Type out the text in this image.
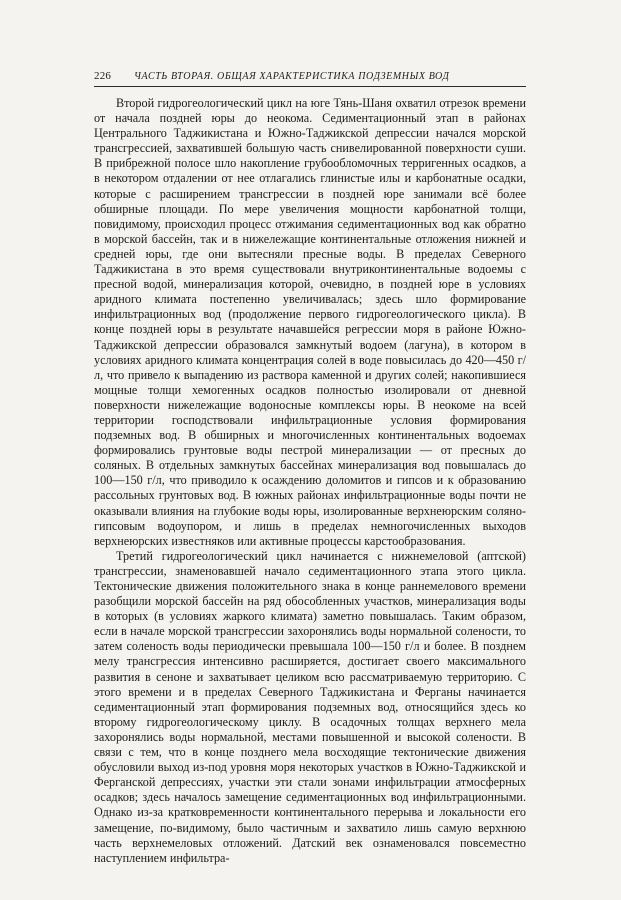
226	ЧАСТЬ ВТОРАЯ. ОБЩАЯ ХАРАКТЕРИСТИКА ПОДЗЕМНЫХ ВОД

Второй гидрогеологический цикл на юге Тянь-Шаня охватил отрезок времени от начала поздней юры до неокома. Седиментационный этап в районах Центрального Таджикистана и Южно-Таджикской депрессии начался морской трансгрессией, захватившей большую часть снивелированной поверхности суши. В прибрежной полосе шло накопление грубообломочных терригенных осадков, а в некотором отдалении от нее отлагались глинистые илы и карбонатные осадки, которые с расширением трансгрессии в поздней юре занимали всё более обширные площади. По мере увеличения мощности карбонатной толщи, повидимому, происходил процесс отжимания седиментационных вод как обратно в морской бассейн, так и в нижележащие континентальные отложения нижней и средней юры, где они вытесняли пресные воды. В пределах Северного Таджикистана в это время существовали внутриконтинентальные водоемы с пресной водой, минерализация которой, очевидно, в поздней юре в условиях аридного климата постепенно увеличивалась; здесь шло формирование инфильтрационных вод (продолжение первого гидрогеологического цикла). В конце поздней юры в результате начавшейся регрессии моря в районе Южно-Таджикской депрессии образовался замкнутый водоем (лагуна), в котором в условиях аридного климата концентрация солей в воде повысилась до 420—450 г/л, что привело к выпадению из раствора каменной и других солей; накопившиеся мощные толщи хемогенных осадков полностью изолировали от дневной поверхности нижележащие водоносные комплексы юры. В неокоме на всей территории господствовали инфильтрационные условия формирования подземных вод. В обширных и многочисленных континентальных водоемах формировались грунтовые воды пестрой минерализации — от пресных до соляных. В отдельных замкнутых бассейнах минерализация вод повышалась до 100—150 г/л, что приводило к осаждению доломитов и гипсов и к образованию рассольных грунтовых вод. В южных районах инфильтрационные воды почти не оказывали влияния на глубокие воды юры, изолированные верхнеюрским соляно-гипсовым водоупором, и лишь в пределах немногочисленных выходов верхнеюрских известняков или активные процессы карстообразования.

Третий гидрогеологический цикл начинается с нижнемеловой (аптской) трансгрессии, знаменовавшей начало седиментационного этапа этого цикла. Тектонические движения положительного знака в конце раннемелового времени разобщили морской бассейн на ряд обособленных участков, минерализация воды в которых (в условиях жаркого климата) заметно повышалась. Таким образом, если в начале морской трансгрессии захоронялись воды нормальной солености, то затем соленость воды периодически превышала 100—150 г/л и более. В позднем мелу трансгрессия интенсивно расширяется, достигает своего максимального развития в сеноне и захватывает целиком всю рассматриваемую территорию. С этого времени и в пределах Северного Таджикистана и Ферганы начинается седиментационный этап формирования подземных вод, относящийся здесь ко второму гидрогеологическому циклу. В осадочных толщах верхнего мела захоронялись воды нормальной, местами повышенной и высокой солености. В связи с тем, что в конце позднего мела восходящие тектонические движения обусловили выход из-под уровня моря некоторых участков в Южно-Таджикской и Ферганской депрессиях, участки эти стали зонами инфильтрации атмосферных осадков; здесь началось замещение седиментационных вод инфильтрационными. Однако из-за кратковременности континентального перерыва и локальности его замещение, по-видимому, было частичным и захватило лишь самую верхнюю часть верхнемеловых отложений. Датский век ознаменовался повсеместно наступлением инфильтра-
